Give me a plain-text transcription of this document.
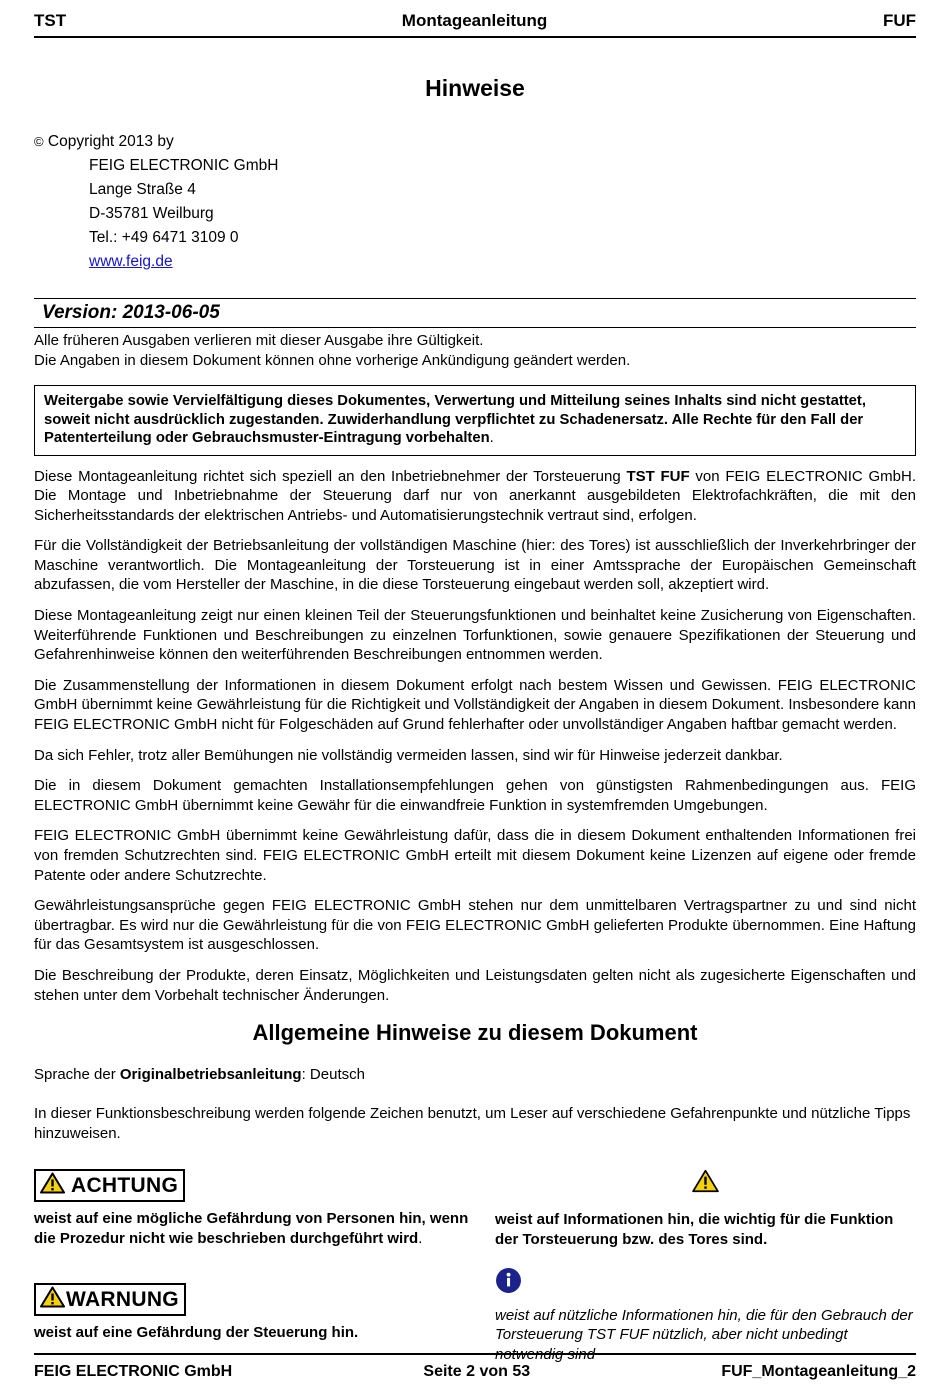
TST	Montageanleitung	FUF
Hinweise
© Copyright 2013 by
FEIG ELECTRONIC GmbH
Lange Straße 4
D-35781 Weilburg
Tel.: +49 6471 3109 0
www.feig.de
Version: 2013-06-05
Alle früheren Ausgaben verlieren mit dieser Ausgabe ihre Gültigkeit.
Die Angaben in diesem Dokument können ohne vorherige Ankündigung geändert werden.
Weitergabe sowie Vervielfältigung dieses Dokumentes, Verwertung und Mitteilung seines Inhalts sind nicht gestattet, soweit nicht ausdrücklich zugestanden. Zuwiderhandlung verpflichtet zu Schadenersatz. Alle Rechte für den Fall der Patenterteilung oder Gebrauchsmuster-Eintragung vorbehalten.

Diese Montageanleitung richtet sich speziell an den Inbetriebnehmer der Torsteuerung TST FUF von FEIG ELECTRONIC GmbH. Die Montage und Inbetriebnahme der Steuerung darf nur von anerkannt ausgebildeten Elektrofachkräften, die mit den Sicherheitsstandards der elektrischen Antriebs- und Automatisierungstechnik vertraut sind, erfolgen.

Für die Vollständigkeit der Betriebsanleitung der vollständigen Maschine (hier: des Tores) ist ausschließlich der Inverkehrbringer der Maschine verantwortlich. Die Montageanleitung der Torsteuerung ist in einer Amtssprache der Europäischen Gemeinschaft abzufassen, die vom Hersteller der Maschine, in die diese Torsteuerung eingebaut werden soll, akzeptiert wird.

Diese Montageanleitung zeigt nur einen kleinen Teil der Steuerungsfunktionen und beinhaltet keine Zusicherung von Eigenschaften. Weiterführende Funktionen und Beschreibungen zu einzelnen Torfunktionen, sowie genauere Spezifikationen der Steuerung und Gefahrenhinweise können den weiterführenden Beschreibungen entnommen werden.

Die Zusammenstellung der Informationen in diesem Dokument erfolgt nach bestem Wissen und Gewissen. FEIG ELECTRONIC GmbH übernimmt keine Gewährleistung für die Richtigkeit und Vollständigkeit der Angaben in diesem Dokument. Insbesondere kann FEIG ELECTRONIC GmbH nicht für Folgeschäden auf Grund fehlerhafter oder unvollständiger Angaben haftbar gemacht werden.

Da sich Fehler, trotz aller Bemühungen nie vollständig vermeiden lassen, sind wir für Hinweise jederzeit dankbar.

Die in diesem Dokument gemachten Installationsempfehlungen gehen von günstigsten Rahmenbedingungen aus. FEIG ELECTRONIC GmbH übernimmt keine Gewähr für die einwandfreie Funktion in systemfremden Umgebungen.

FEIG ELECTRONIC GmbH übernimmt keine Gewährleistung dafür, dass die in diesem Dokument enthaltenden Informationen frei von fremden Schutzrechten sind. FEIG ELECTRONIC GmbH erteilt mit diesem Dokument keine Lizenzen auf eigene oder fremde Patente oder andere Schutzrechte.

Gewährleistungsansprüche gegen FEIG ELECTRONIC GmbH stehen nur dem unmittelbaren Vertragspartner zu und sind nicht übertragbar. Es wird nur die Gewährleistung für die von FEIG ELECTRONIC GmbH gelieferten Produkte übernommen. Eine Haftung für das Gesamtsystem ist ausgeschlossen.

Die Beschreibung der Produkte, deren Einsatz, Möglichkeiten und Leistungsdaten gelten nicht als zugesicherte Eigenschaften und stehen unter dem Vorbehalt technischer Änderungen.

Allgemeine Hinweise zu diesem Dokument
Sprache der Originalbetriebsanleitung: Deutsch
In dieser Funktionsbeschreibung werden folgende Zeichen benutzt, um Leser auf verschiedene Gefahrenpunkte und nützliche Tipps hinzuweisen.
ACHTUNG
weist auf eine mögliche Gefährdung von Personen hin, wenn die Prozedur nicht wie beschrieben durchgeführt wird.
WARNUNG
weist auf eine Gefährdung der Steuerung hin.
weist auf Informationen hin, die wichtig für die Funktion der Torsteuerung bzw. des Tores sind.
weist auf nützliche Informationen hin, die für den Gebrauch der Torsteuerung TST FUF nützlich, aber nicht unbedingt notwendig sind
FEIG ELECTRONIC GmbH	Seite 2 von 53	FUF_Montageanleitung_2
